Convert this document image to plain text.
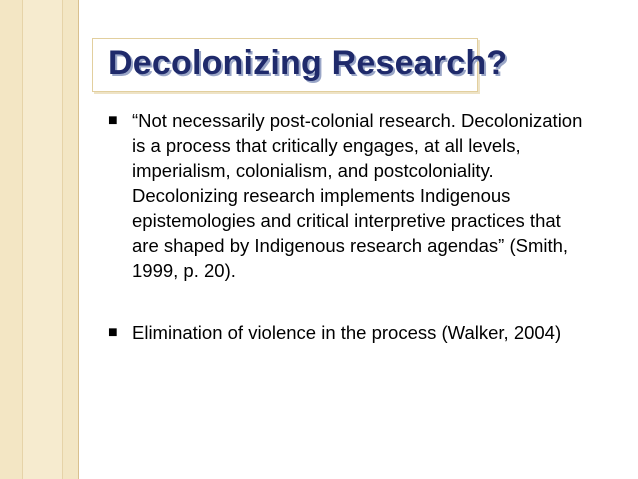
Decolonizing Research?
■ “Not necessarily post-colonial research. Decolonization
is a process that critically engages, at all levels,
imperialism, colonialism, and postcoloniality.
Decolonizing research implements Indigenous
epistemologies and critical interpretive practices that
are shaped by Indigenous research agendas” (Smith,
1999, p. 20).
■ Elimination of violence in the process (Walker, 2004)
